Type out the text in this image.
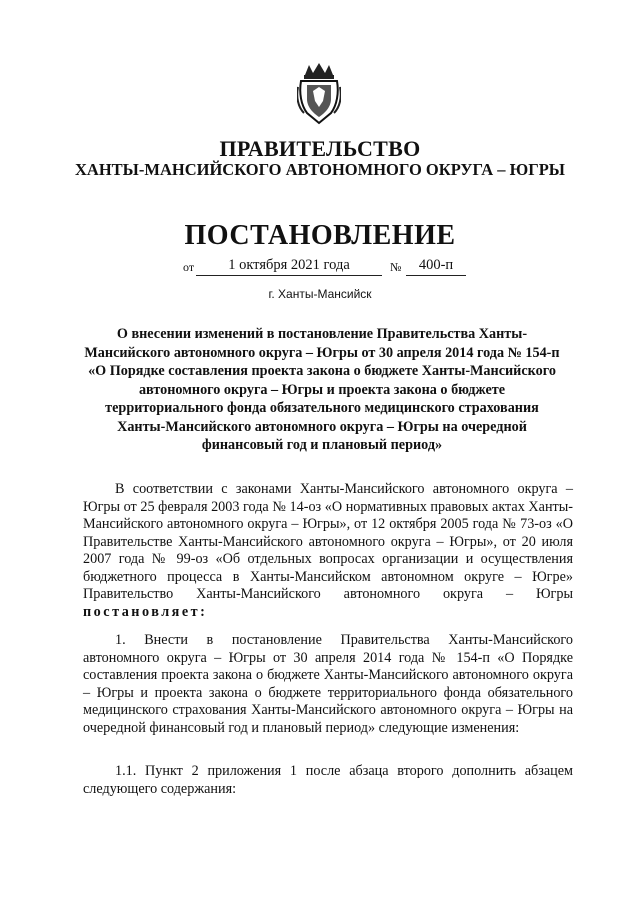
ПРАВИТЕЛЬСТВО
ХАНТЫ-МАНСИЙСКОГО АВТОНОМНОГО ОКРУГА – ЮГРЫ
ПОСТАНОВЛЕНИЕ
от	1 октября 2021 года	№	400-п
г. Ханты-Мансийск
О внесении изменений в постановление Правительства Ханты-Мансийского автономного округа – Югры от 30 апреля 2014 года № 154-п «О Порядке составления проекта закона о бюджете Ханты-Мансийского автономного округа – Югры и проекта закона о бюджете территориального фонда обязательного медицинского страхования Ханты-Мансийского автономного округа – Югры на очередной финансовый год и плановый период»
В соответствии с законами Ханты-Мансийского автономного округа – Югры от 25 февраля 2003 года № 14-оз «О нормативных правовых актах Ханты-Мансийского автономного округа – Югры», от 12 октября 2005 года № 73-оз «О Правительстве Ханты-Мансийского автономного округа – Югры», от 20 июля 2007 года № 99-оз «Об отдельных вопросах организации и осуществления бюджетного процесса в Ханты-Мансийском автономном округе – Югре» Правительство Ханты-Мансийского автономного округа – Югры постановляет:
1. Внести в постановление Правительства Ханты-Мансийского автономного округа – Югры от 30 апреля 2014 года № 154-п «О Порядке составления проекта закона о бюджете Ханты-Мансийского автономного округа – Югры и проекта закона о бюджете территориального фонда обязательного медицинского страхования Ханты-Мансийского автономного округа – Югры на очередной финансовый год и плановый период» следующие изменения:
1.1. Пункт 2 приложения 1 после абзаца второго дополнить абзацем следующего содержания:
